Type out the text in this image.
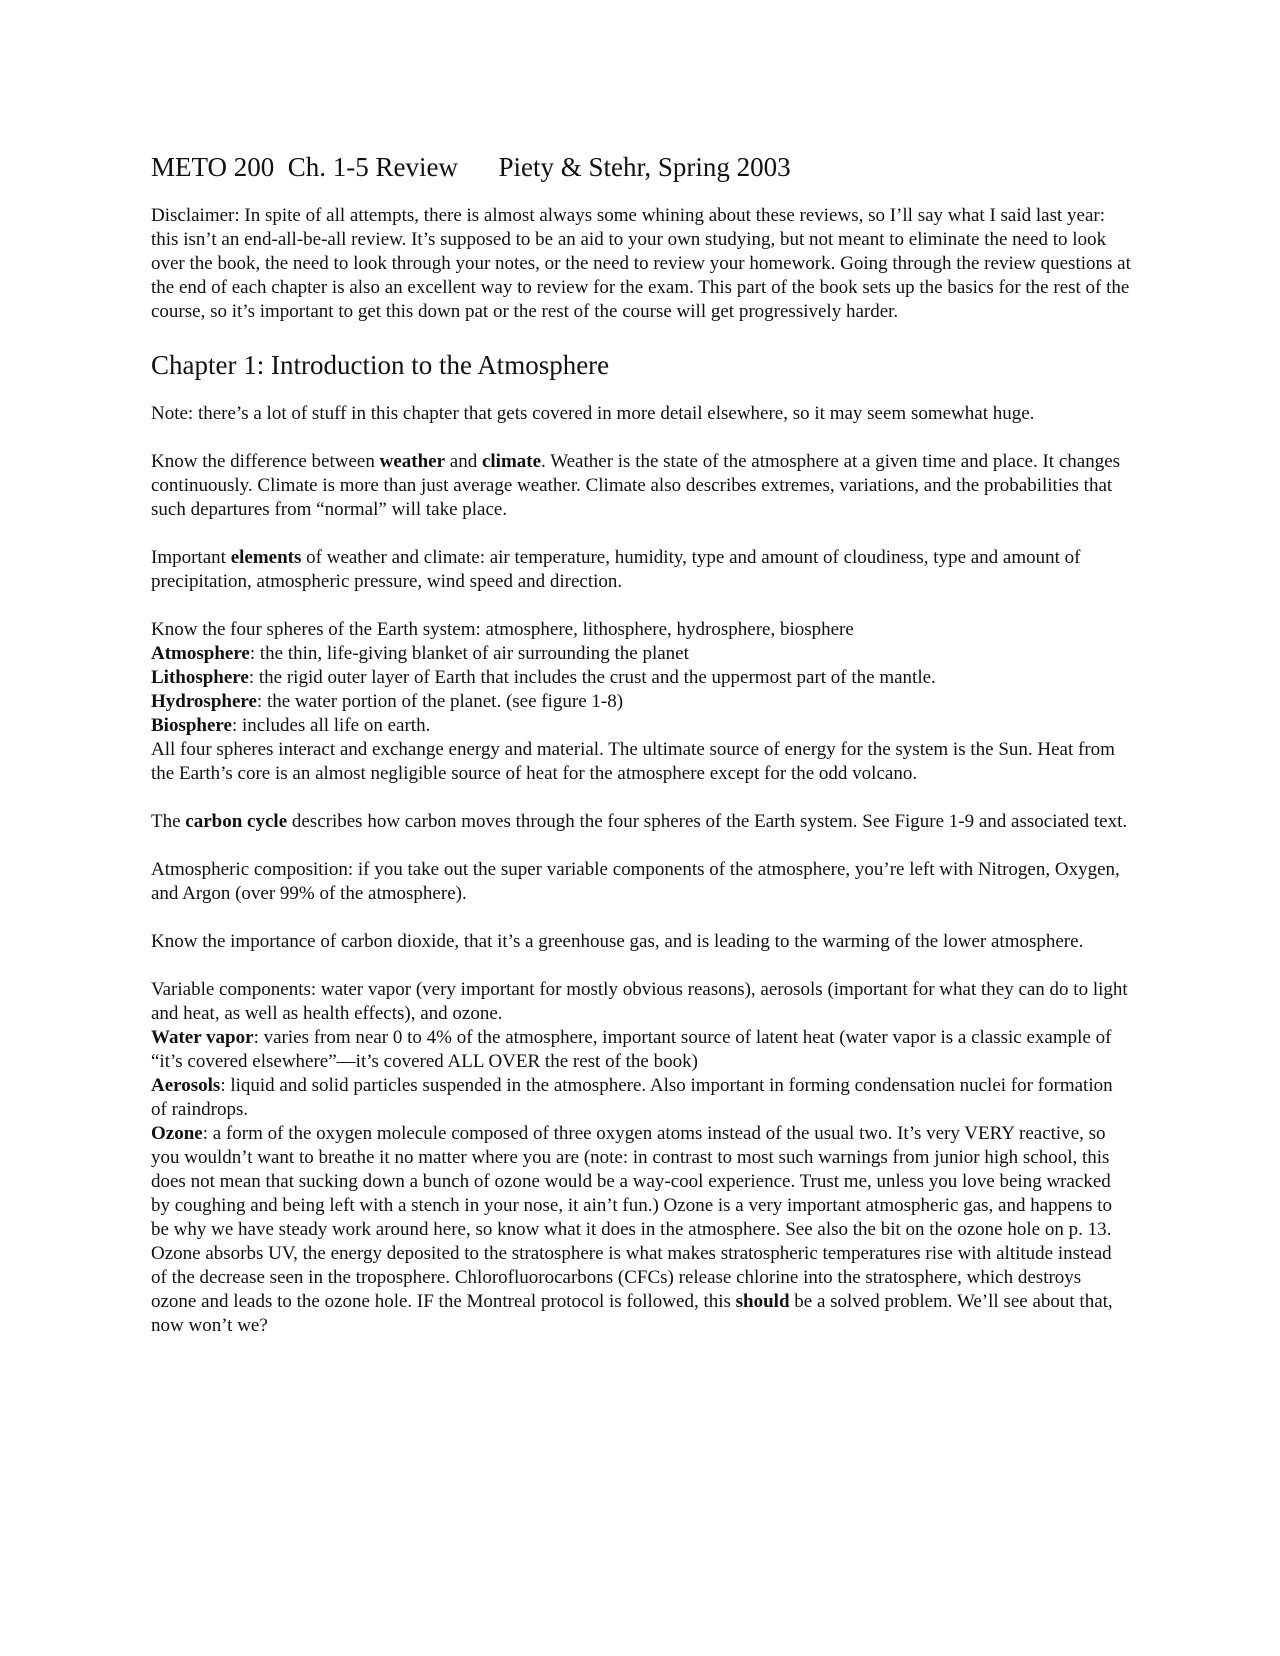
METO 200  Ch. 1-5 Review      Piety & Stehr, Spring 2003

Disclaimer: In spite of all attempts, there is almost always some whining about these reviews, so I’ll say what I said last year: this isn’t an end-all-be-all review. It’s supposed to be an aid to your own studying, but not meant to eliminate the need to look over the book, the need to look through your notes, or the need to review your homework. Going through the review questions at the end of each chapter is also an excellent way to review for the exam. This part of the book sets up the basics for the rest of the course, so it’s important to get this down pat or the rest of the course will get progressively harder.

Chapter 1: Introduction to the Atmosphere

Note: there’s a lot of stuff in this chapter that gets covered in more detail elsewhere, so it may seem somewhat huge.

Know the difference between weather and climate. Weather is the state of the atmosphere at a given time and place. It changes continuously. Climate is more than just average weather. Climate also describes extremes, variations, and the probabilities that such departures from “normal” will take place.

Important elements of weather and climate: air temperature, humidity, type and amount of cloudiness, type and amount of precipitation, atmospheric pressure, wind speed and direction.

Know the four spheres of the Earth system: atmosphere, lithosphere, hydrosphere, biosphere

Atmosphere: the thin, life-giving blanket of air surrounding the planet

Lithosphere: the rigid outer layer of Earth that includes the crust and the uppermost part of the mantle.

Hydrosphere: the water portion of the planet. (see figure 1-8)

Biosphere: includes all life on earth.

All four spheres interact and exchange energy and material. The ultimate source of energy for the system is the Sun. Heat from the Earth’s core is an almost negligible source of heat for the atmosphere except for the odd volcano.

The carbon cycle describes how carbon moves through the four spheres of the Earth system. See Figure 1-9 and associated text.

Atmospheric composition: if you take out the super variable components of the atmosphere, you’re left with Nitrogen, Oxygen, and Argon (over 99% of the atmosphere).

Know the importance of carbon dioxide, that it’s a greenhouse gas, and is leading to the warming of the lower atmosphere.

Variable components: water vapor (very important for mostly obvious reasons), aerosols (important for what they can do to light and heat, as well as health effects), and ozone.

Water vapor: varies from near 0 to 4% of the atmosphere, important source of latent heat (water vapor is a classic example of “it’s covered elsewhere”—it’s covered ALL OVER the rest of the book)

Aerosols: liquid and solid particles suspended in the atmosphere. Also important in forming condensation nuclei for formation of raindrops.

Ozone: a form of the oxygen molecule composed of three oxygen atoms instead of the usual two. It’s very VERY reactive, so you wouldn’t want to breathe it no matter where you are (note: in contrast to most such warnings from junior high school, this does not mean that sucking down a bunch of ozone would be a way-cool experience. Trust me, unless you love being wracked by coughing and being left with a stench in your nose, it ain’t fun.) Ozone is a very important atmospheric gas, and happens to be why we have steady work around here, so know what it does in the atmosphere. See also the bit on the ozone hole on p. 13. Ozone absorbs UV, the energy deposited to the stratosphere is what makes stratospheric temperatures rise with altitude instead of the decrease seen in the troposphere. Chlorofluorocarbons (CFCs) release chlorine into the stratosphere, which destroys ozone and leads to the ozone hole. IF the Montreal protocol is followed, this should be a solved problem. We’ll see about that, now won’t we?
